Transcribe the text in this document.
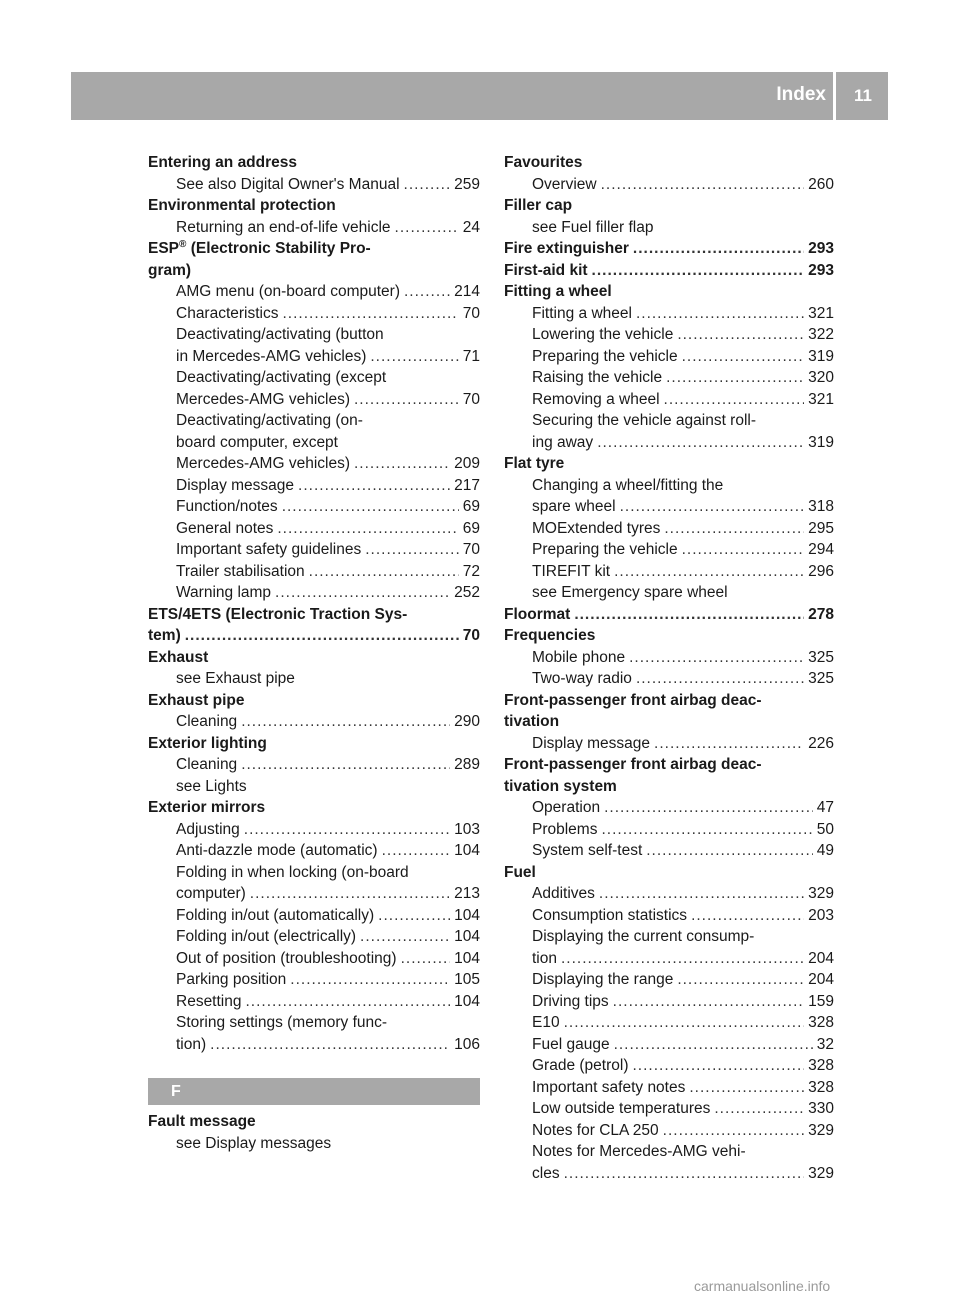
Index	11
Entering an address
See also Digital Owner's Manual .....	259
Environmental protection
Returning an end-of-life vehicle .....	24
ESP® (Electronic Stability Pro-
gram)
AMG menu (on-board computer) .....	214
Characteristics .....	70
Deactivating/activating (button
in Mercedes-AMG vehicles) .....	71
Deactivating/activating (except
Mercedes-AMG vehicles) .....	70
Deactivating/activating (on-
board computer, except
Mercedes-AMG vehicles) .....	209
Display message .....	217
Function/notes .....	69
General notes .....	69
Important safety guidelines .....	70
Trailer stabilisation .....	72
Warning lamp .....	252
ETS/4ETS (Electronic Traction Sys-
tem) .....	70
Exhaust
see Exhaust pipe
Exhaust pipe
Cleaning .....	290
Exterior lighting
Cleaning .....	289
see Lights
Exterior mirrors
Adjusting .....	103
Anti-dazzle mode (automatic) .....	104
Folding in when locking (on-board
computer) .....	213
Folding in/out (automatically) .....	104
Folding in/out (electrically) .....	104
Out of position (troubleshooting) .....	104
Parking position .....	105
Resetting .....	104
Storing settings (memory func-
tion) .....	106
F
Fault message
see Display messages
Favourites
Overview .....	260
Filler cap
see Fuel filler flap
Fire extinguisher .....	293
First-aid kit .....	293
Fitting a wheel
Fitting a wheel .....	321
Lowering the vehicle .....	322
Preparing the vehicle .....	319
Raising the vehicle .....	320
Removing a wheel .....	321
Securing the vehicle against roll-
ing away .....	319
Flat tyre
Changing a wheel/fitting the
spare wheel .....	318
MOExtended tyres .....	295
Preparing the vehicle .....	294
TIREFIT kit .....	296
see Emergency spare wheel
Floormat .....	278
Frequencies
Mobile phone .....	325
Two-way radio .....	325
Front-passenger front airbag deac-
tivation
Display message .....	226
Front-passenger front airbag deac-
tivation system
Operation .....	47
Problems .....	50
System self-test .....	49
Fuel
Additives .....	329
Consumption statistics .....	203
Displaying the current consump-
tion .....	204
Displaying the range .....	204
Driving tips .....	159
E10 .....	328
Fuel gauge .....	32
Grade (petrol) .....	328
Important safety notes .....	328
Low outside temperatures .....	330
Notes for CLA 250 .....	329
Notes for Mercedes-AMG vehi-
cles .....	329
carmanualsonline.info
